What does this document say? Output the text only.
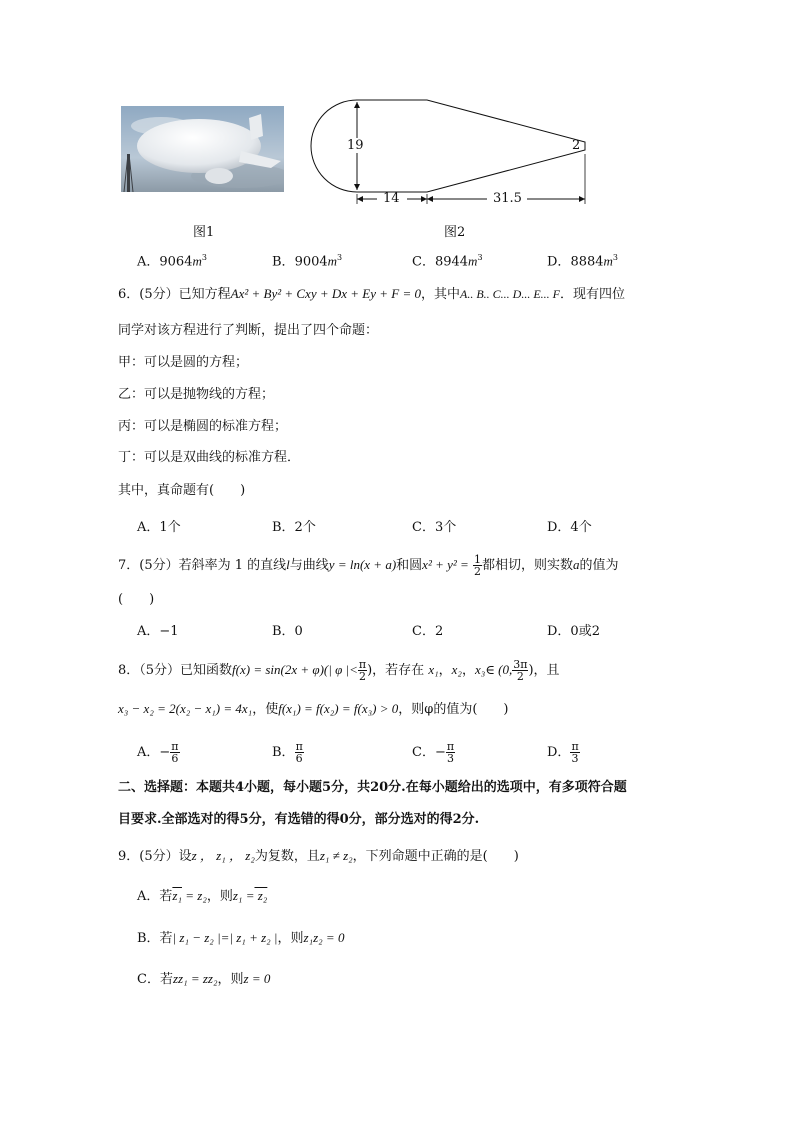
图1
19	2
14	31.5
图2
A．$9064m^3$	B．$9004m^3$	C．$8944m^3$	D．$8884m^3$
6．(5分）已知方程Ax² + By² + Cxy + Dx + Ey + F = 0，其中A.. B.. C... D... E... F．现有四位
同学对该方程进行了判断，提出了四个命题：
甲：可以是圆的方程；
乙：可以是抛物线的方程；
丙：可以是椭圆的标准方程；
丁：可以是双曲线的标准方程．
其中，真命题有(　　)
A．1个	B．2个	C．3个	D．4个
7．(5分）若斜率为 1 的直线l与曲线y = ln(x + a)和圆$x^2 + y^2 = \frac{1}{2}$ 都相切，则实数a的值为
(　　)
A．−1	B．0	C．2	D．0或2
8．（5分）已知函数f(x) = sin(2x + φ)(| φ |< $\frac{\pi}{2}$ )，若存在 x₁，x₂，x₃∈ (0, $\frac{3\pi}{2}$ )，且
x₃ − x₂ = 2(x₂ − x₁) = 4x₁，使f(x₁) = f(x₂) = f(x₃) > 0，则φ的值为(　　)
A．− $\frac{\pi}{6}$	B． $\frac{\pi}{6}$	C．− $\frac{\pi}{3}$	D． $\frac{\pi}{3}$
二、选择题：本题共4小题，每小题5分，共20分.在每小题给出的选项中，有多项符合题
目要求.全部选对的得5分，有选错的得0分，部分选对的得2分.
9．(5分）设z ， z₁ ， z₂为复数，且z₁ ≠ z₂，下列命题中正确的是(　　)
A．若z₁ = z₂，则z₁ = z₂
B．若| z₁ − z₂ |=| z₁ + z₂ |，则z₁z₂ = 0
C．若zz₁ = zz₂，则z = 0
